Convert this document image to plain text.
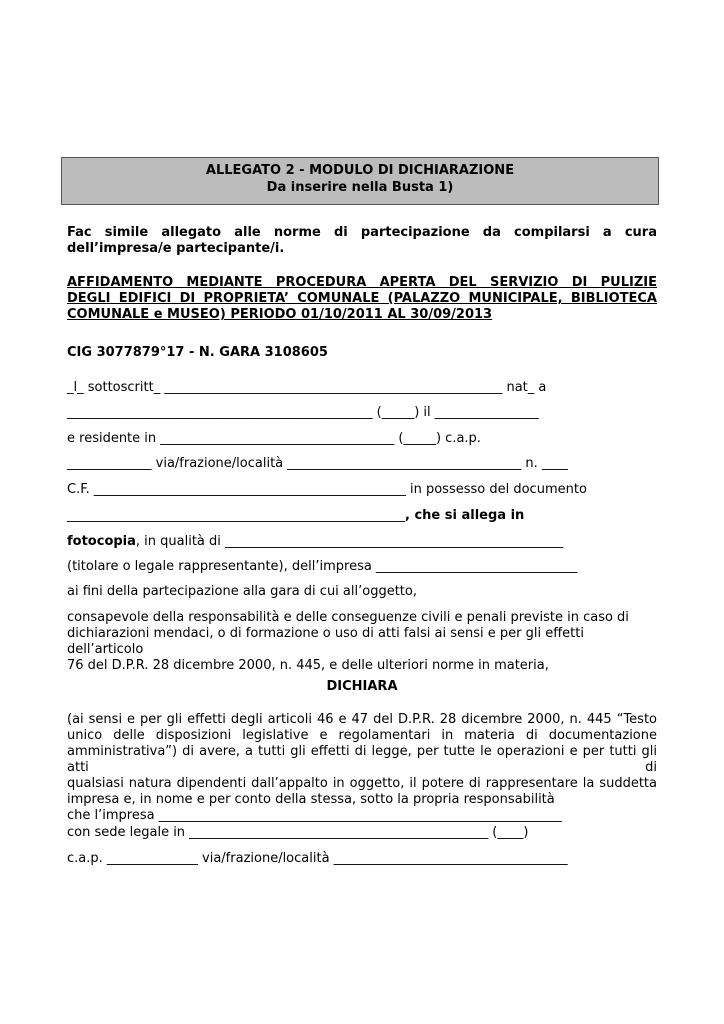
ALLEGATO 2 - MODULO DI DICHIARAZIONE
Da inserire nella Busta 1)
Fac simile allegato alle norme di partecipazione da compilarsi a cura
dell’impresa/e partecipante/i.
AFFIDAMENTO MEDIANTE PROCEDURA APERTA DEL SERVIZIO DI PULIZIE
DEGLI EDIFICI DI PROPRIETA’ COMUNALE (PALAZZO MUNICIPALE, BIBLIOTECA
COMUNALE e MUSEO) PERIODO 01/10/2011 AL 30/09/2013
CIG 3077879°17 - N. GARA 3108605
_l_ sottoscritt_ ____________________________________________________ nat_ a
_______________________________________________ (_____) il ________________
e residente in ____________________________________ (_____) c.a.p.
_____________ via/frazione/località ____________________________________ n. ____
C.F. ________________________________________________ in possesso del documento
____________________________________________________, che si allega in
fotocopia, in qualità di ____________________________________________________
(titolare o legale rappresentante), dell’impresa _______________________________
ai fini della partecipazione alla gara di cui all’oggetto,
consapevole della responsabilità e delle conseguenze civili e penali previste in caso di
dichiarazioni mendaci, o di formazione o uso di atti falsi ai sensi e per gli effetti dell’articolo
76 del D.P.R. 28 dicembre 2000, n. 445, e delle ulteriori norme in materia,
DICHIARA
(ai sensi e per gli effetti degli articoli 46 e 47 del D.P.R. 28 dicembre 2000, n. 445 “Testo
unico delle disposizioni legislative e regolamentari in materia di documentazione
amministrativa”) di avere, a tutti gli effetti di legge, per tutte le operazioni e per tutti gli atti di
qualsiasi natura dipendenti dall’appalto in oggetto, il potere di rappresentare la suddetta
impresa e, in nome e per conto della stessa, sotto la propria responsabilità
che l’impresa ______________________________________________________________
con sede legale in ______________________________________________ (____)
c.a.p. ______________ via/frazione/località ____________________________________
